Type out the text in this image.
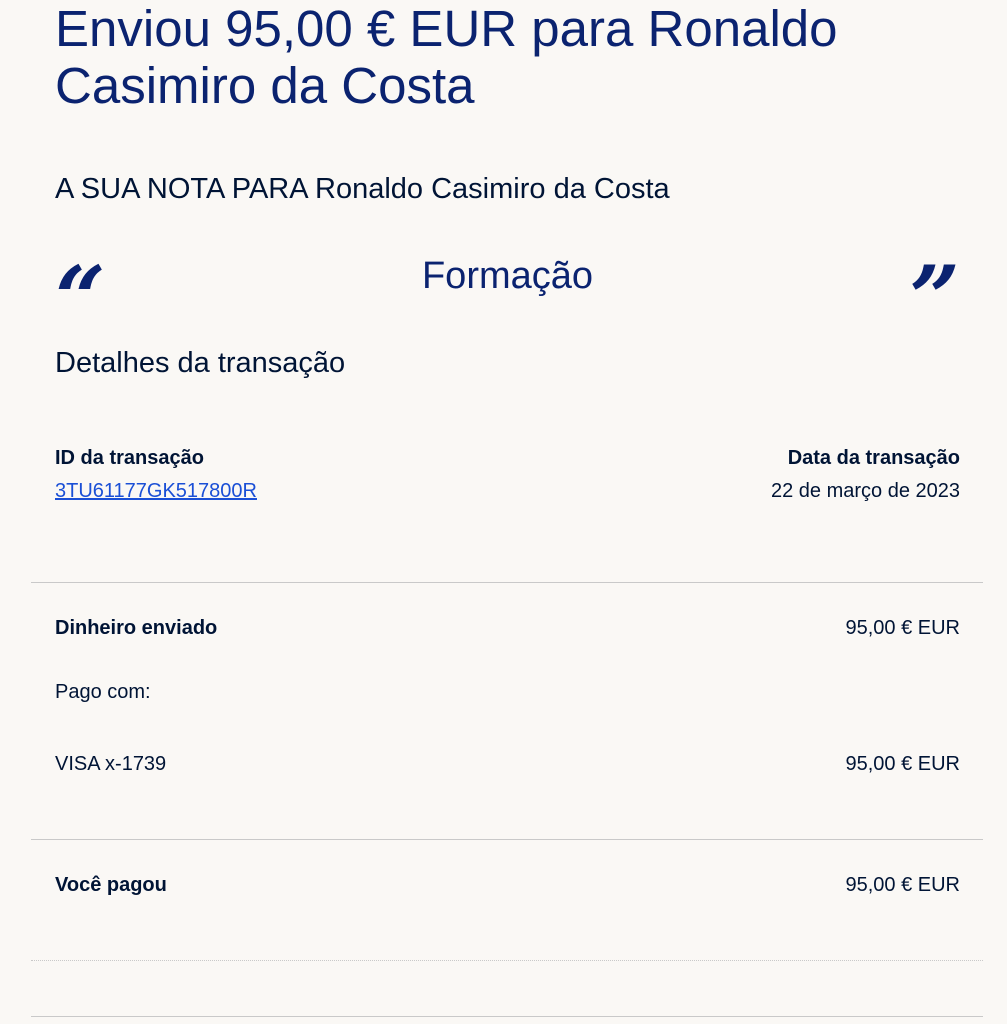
Enviou 95,00 € EUR para Ronaldo Casimiro da Costa
A SUA NOTA PARA Ronaldo Casimiro da Costa
“	Formação	”
Detalhes da transação
ID da transação
3TU61177GK517800R
Data da transação
22 de março de 2023
Dinheiro enviado	95,00 € EUR
Pago com:
VISA x-1739	95,00 € EUR
Você pagou	95,00 € EUR
